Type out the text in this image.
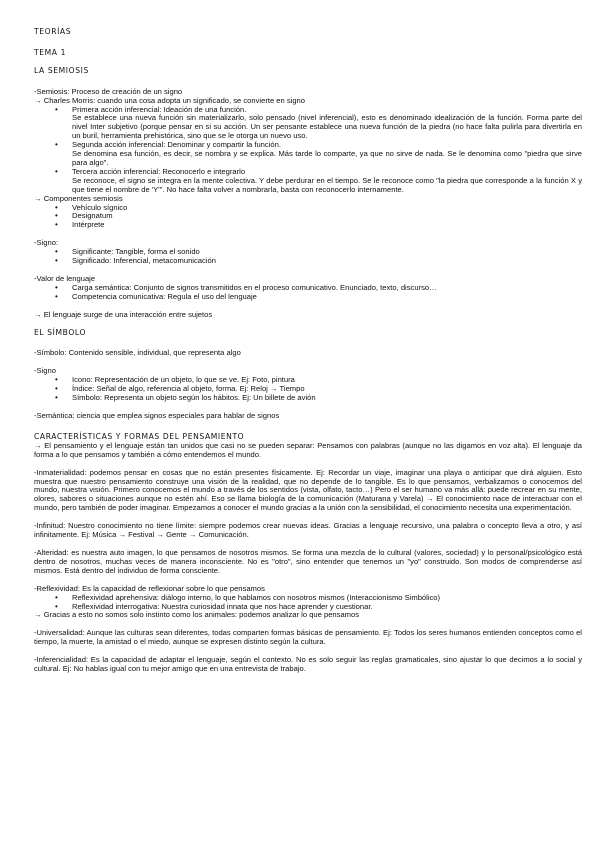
TEORÍAS

TEMA 1

LA SEMIOSIS

-Semiosis: Proceso de creación de un signo

→ Charles Morris: cuando una cosa adopta un significado, se convierte en signo

• Primera acción inferencial: Ideación de una función.

Se establece una nueva función sin materializarlo, solo pensado (nivel inferencial), esto es denominado idealización de la función. Forma parte del nivel Inter subjetivo (porque pensar en si su acción. Un ser pensante establece una nueva función de la piedra (no hace falta pulirla para divertirla en un buril, herramienta prehistórica, sino que se le otorga un nuevo uso.

• Segunda acción inferencial: Denominar y compartir la función.

Se denomina esa función, es decir, se nombra y se explica. Más tarde lo comparte, ya que no sirve de nada. Se le denomina como "piedra que sirve para algo".

• Tercera acción inferencial: Reconocerlo e integrarlo

Se reconoce, el signo se integra en la mente colectiva. Y debe perdurar en el tiempo. Se le reconoce como "la piedra que corresponde a la función X y que tiene el nombre de 'Y'". No hace falta volver a nombrarla, basta con reconocerlo internamente.

→ Componentes semiosis

• Vehículo sígnico
• Designatum
• Intérprete

-Signo:

• Significante: Tangible, forma el sonido
• Significado: Inferencial, metacomunicación

-Valor de lenguaje

• Carga semántica: Conjunto de signos transmitidos en el proceso comunicativo. Enunciado, texto, discurso…
• Competencia comunicativa: Regula el uso del lenguaje

→ El lenguaje surge de una interacción entre sujetos

EL SÍMBOLO

-Símbolo: Contenido sensible, individual, que representa algo

-Signo

• Icono: Representación de un objeto, lo que se ve. Ej: Foto, pintura
• Índice: Señal de algo, referencia al objeto, forma. Ej: Reloj → Tiempo
• Símbolo: Representa un objeto según los hábitos. Ej: Un billete de avión

-Semántica: ciencia que emplea signos especiales para hablar de signos

CARACTERÍSTICAS Y FORMAS DEL PENSAMIENTO

→ El pensamiento y el lenguaje están tan unidos que casi no se pueden separar: Pensamos con palabras (aunque no las digamos en voz alta). El lenguaje da forma a lo que pensamos y también a cómo entendemos el mundo.

-Inmaterialidad: podemos pensar en cosas que no están presentes físicamente. Ej: Recordar un viaje, imaginar una playa o anticipar que dirá alguien. Esto muestra que nuestro pensamiento construye una visión de la realidad, que no depende de lo tangible. Es lo que pensamos, verbalizamos o conocemos del mundo, nuestra visión. Primero conocemos el mundo a través de los sentidos (vista, olfato, tacto…) Pero el ser humano va más allá: puede recrear en su mente, olores, sabores o situaciones aunque no estén ahí. Eso se llama biología de la comunicación (Maturana y Varela) → El conocimiento nace de interactuar con el mundo, pero también de poder imaginar. Empezamos a conocer el mundo gracias a la unión con la sensibilidad, el conocimiento necesita una experimentación.

-Infinitud: Nuestro conocimiento no tiene límite: siempre podemos crear nuevas ideas. Gracias a lenguaje recursivo, una palabra o concepto lleva a otro, y así infinitamente. Ej: Música → Festival → Gente → Comunicación.

-Alteridad: es nuestra auto imagen, lo que pensamos de nosotros mismos. Se forma una mezcla de lo cultural (valores, sociedad) y lo personal/psicológico está dentro de nosotros, muchas veces de manera inconsciente. No es "otro", sino entender que tenemos un "yo" construido. Son modos de comprenderse así mismos. Está dentro del individuo de forma consciente.

-Reflexividad: Es la capacidad de reflexionar sobre lo que pensamos

• Reflexividad aprehensiva: diálogo interno, lo que hablamos con nosotros mismos (Interaccionismo Simbólico)
• Reflexividad interrogativa: Nuestra curiosidad innata que nos hace aprender y cuestionar.

→ Gracias a esto no somos solo instinto como los animales: podemos analizar lo que pensamos

-Universalidad: Aunque las culturas sean diferentes, todas comparten formas básicas de pensamiento. Ej: Todos los seres humanos entienden conceptos como el tiempo, la muerte, la amistad o el miedo, aunque se expresen distinto según la cultura.

-Inferencialidad: Es la capacidad de adaptar el lenguaje, según el contexto. No es solo seguir las reglas gramaticales, sino ajustar lo que decimos a lo social y cultural. Ej: No hablas igual con tu mejor amigo que en una entrevista de trabajo.
